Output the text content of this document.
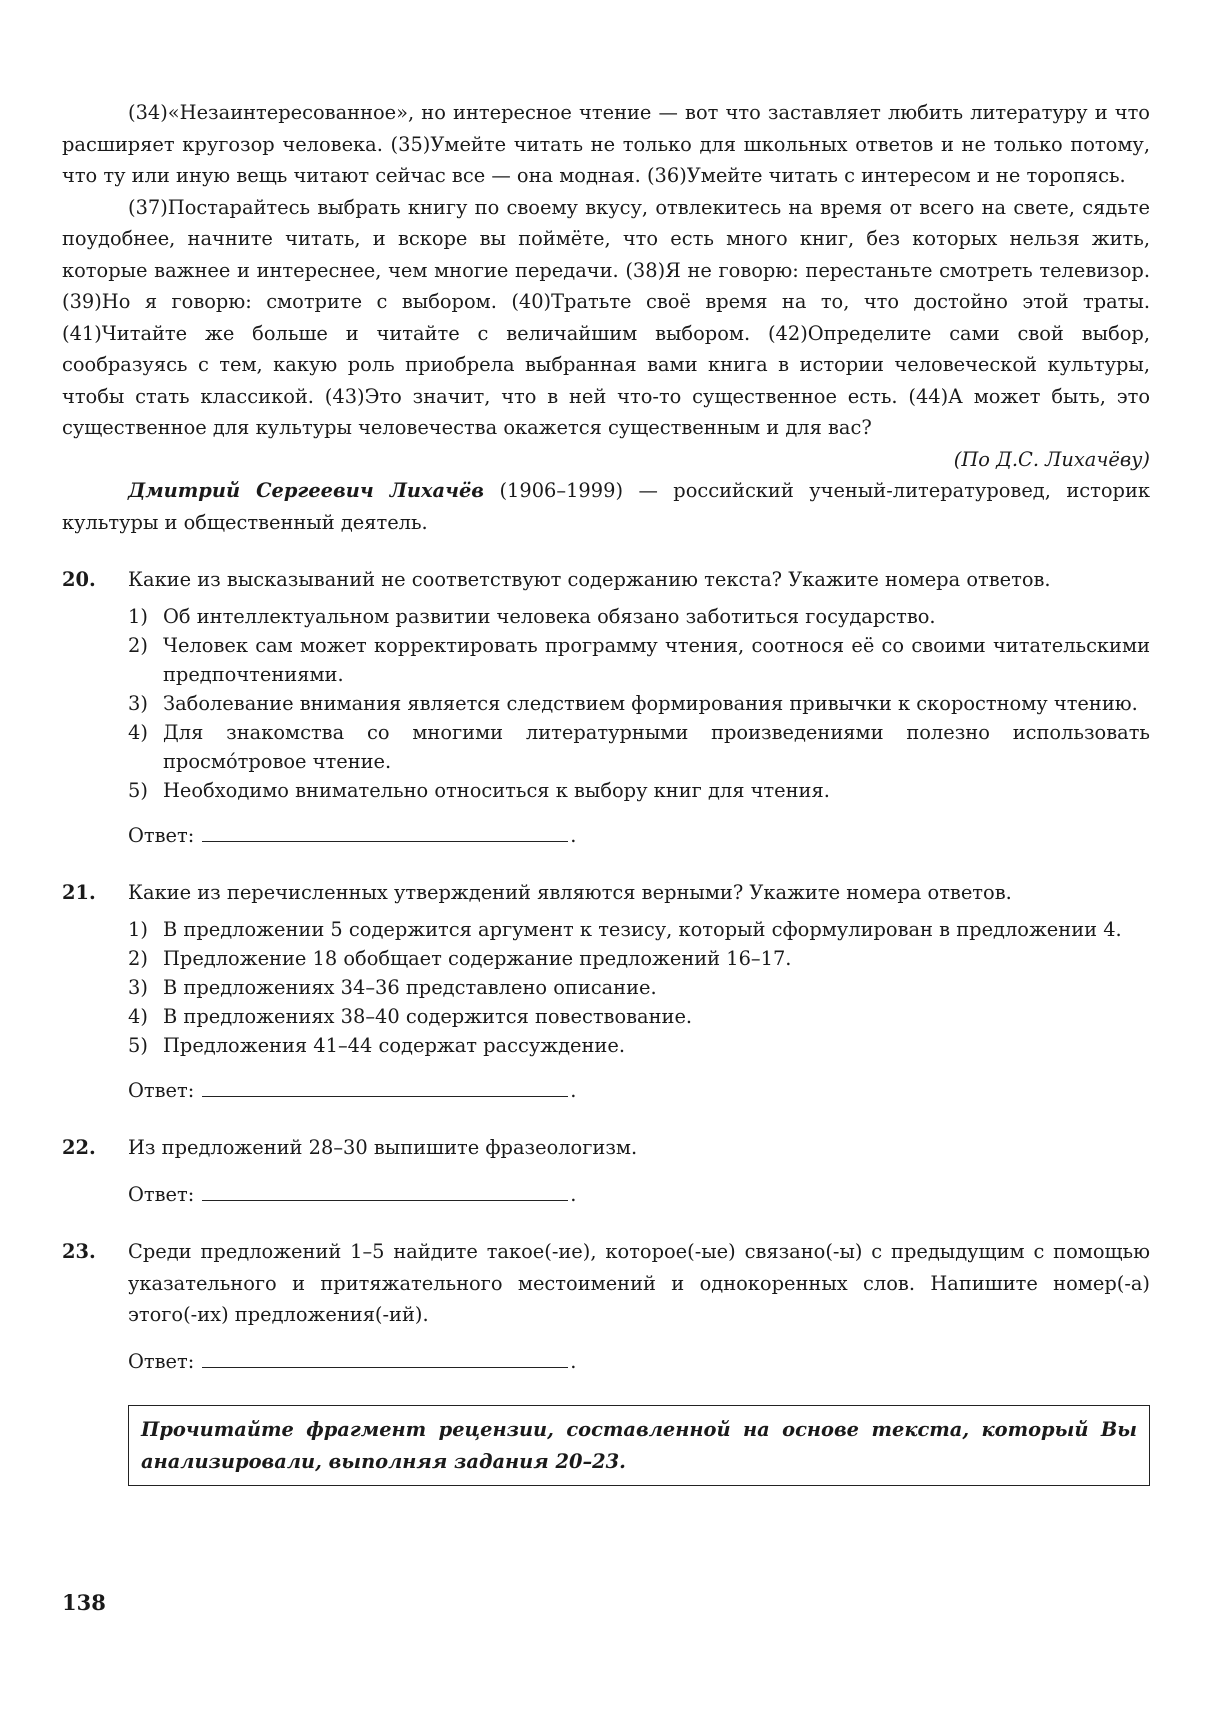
(34)«Незаинтересованное», но интересное чтение — вот что заставляет любить литературу и что расширяет кругозор человека. (35)Умейте читать не только для школьных ответов и не только потому, что ту или иную вещь читают сейчас все — она модная. (36)Умейте читать с интересом и не торопясь.

(37)Постарайтесь выбрать книгу по своему вкусу, отвлекитесь на время от всего на свете, сядьте поудобнее, начните читать, и вскоре вы поймёте, что есть много книг, без которых нельзя жить, которые важнее и интереснее, чем многие передачи. (38)Я не говорю: перестаньте смотреть телевизор. (39)Но я говорю: смотрите с выбором. (40)Тратьте своё время на то, что достойно этой траты. (41)Читайте же больше и читайте с величайшим выбором. (42)Определите сами свой выбор, сообразуясь с тем, какую роль приобрела выбранная вами книга в истории человеческой культуры, чтобы стать классикой. (43)Это значит, что в ней что-то существенное есть. (44)А может быть, это существенное для культуры человечества окажется существенным и для вас?

(По Д.С. Лихачёву)

Дмитрий Сергеевич Лихачёв (1906–1999) — российский ученый-литературовед, историк культуры и общественный деятель.

20. Какие из высказываний не соответствуют содержанию текста? Укажите номера ответов.

1) Об интеллектуальном развитии человека обязано заботиться государство.
2) Человек сам может корректировать программу чтения, соотнося её со своими читательскими предпочтениями.
3) Заболевание внимания является следствием формирования привычки к скоростному чтению.
4) Для знакомства со многими литературными произведениями полезно использовать просмо́тровое чтение.
5) Необходимо внимательно относиться к выбору книг для чтения.
Ответ:	.
21. Какие из перечисленных утверждений являются верными? Укажите номера ответов.

1) В предложении 5 содержится аргумент к тезису, который сформулирован в предложении 4.
2) Предложение 18 обобщает содержание предложений 16–17.
3) В предложениях 34–36 представлено описание.
4) В предложениях 38–40 содержится повествование.
5) Предложения 41–44 содержат рассуждение.
Ответ:	.
22. Из предложений 28–30 выпишите фразеологизм.

Ответ:	.
23. Среди предложений 1–5 найдите такое(-ие), которое(-ые) связано(-ы) с предыдущим с помощью указательного и притяжательного местоимений и однокоренных слов. Напишите номер(-а) этого(-их) предложения(-ий).

Ответ:	.
Прочитайте фрагмент рецензии, составленной на основе текста, который Вы анализировали, выполняя задания 20–23.
138
